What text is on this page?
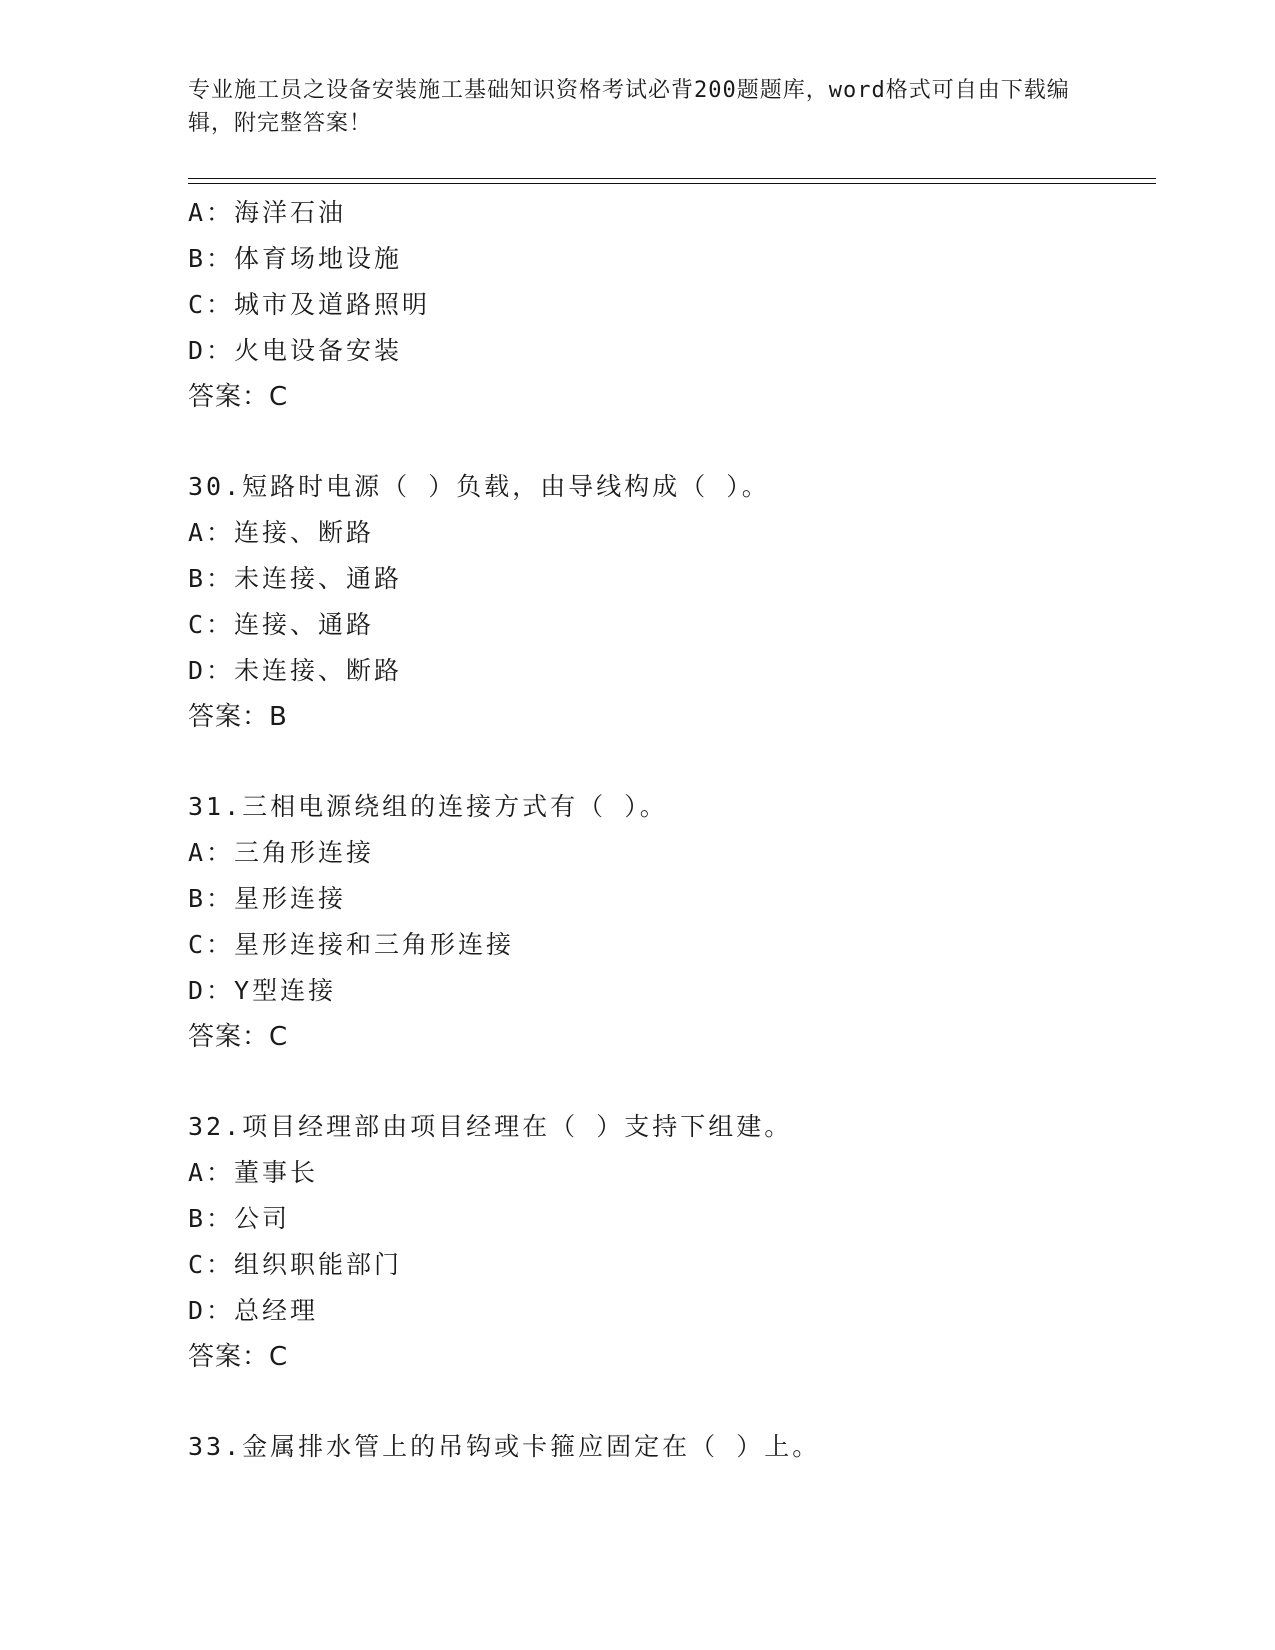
专业施工员之设备安装施工基础知识资格考试必背200题题库，word格式可自由下载编辑，附完整答案！
A：海洋石油
B：体育场地设施
C：城市及道路照明
D：火电设备安装
答案：C
30.短路时电源（ ）负载，由导线构成（ ）。
A：连接、断路
B：未连接、通路
C：连接、通路
D：未连接、断路
答案：B
31.三相电源绕组的连接方式有（ ）。
A：三角形连接
B：星形连接
C：星形连接和三角形连接
D：Y型连接
答案：C
32.项目经理部由项目经理在（ ）支持下组建。
A：董事长
B：公司
C：组织职能部门
D：总经理
答案：C
33.金属排水管上的吊钩或卡箍应固定在（ ）上。
